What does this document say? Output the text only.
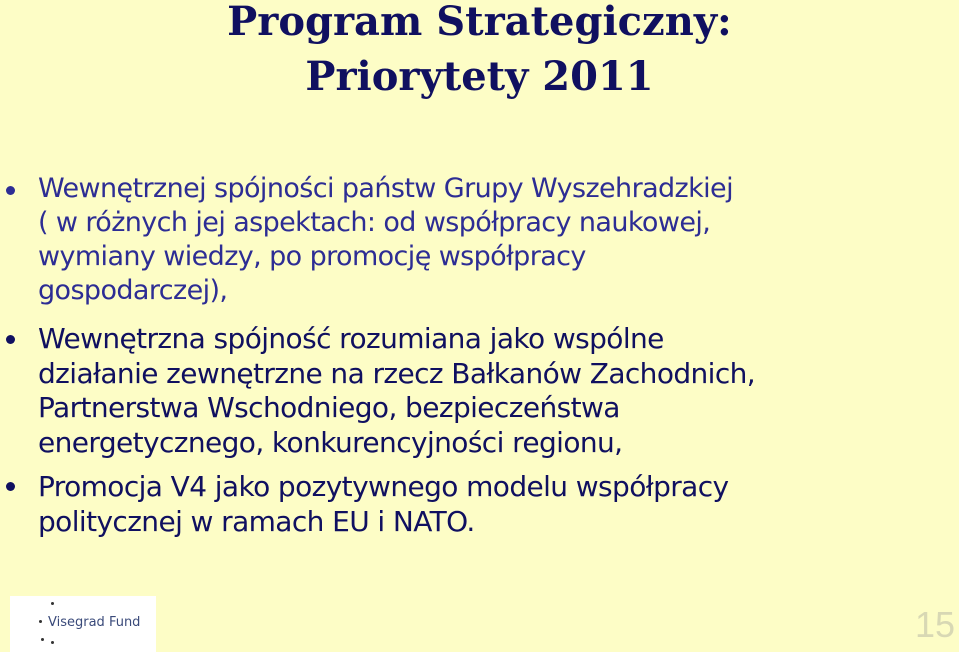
Program Strategiczny:
Priorytety 2011
Wewnętrznej spójności państw Grupy Wyszehradzkiej
( w różnych jej aspektach: od współpracy naukowej,
wymiany wiedzy, po promocję współpracy
gospodarczej),
Wewnętrzna spójność rozumiana jako wspólne
działanie zewnętrzne na rzecz Bałkanów Zachodnich,
Partnerstwa Wschodniego, bezpieczeństwa
energetycznego, konkurencyjności regionu,
Promocja V4 jako pozytywnego modelu współpracy
politycznej w ramach EU i NATO.
Visegrad Fund	15
